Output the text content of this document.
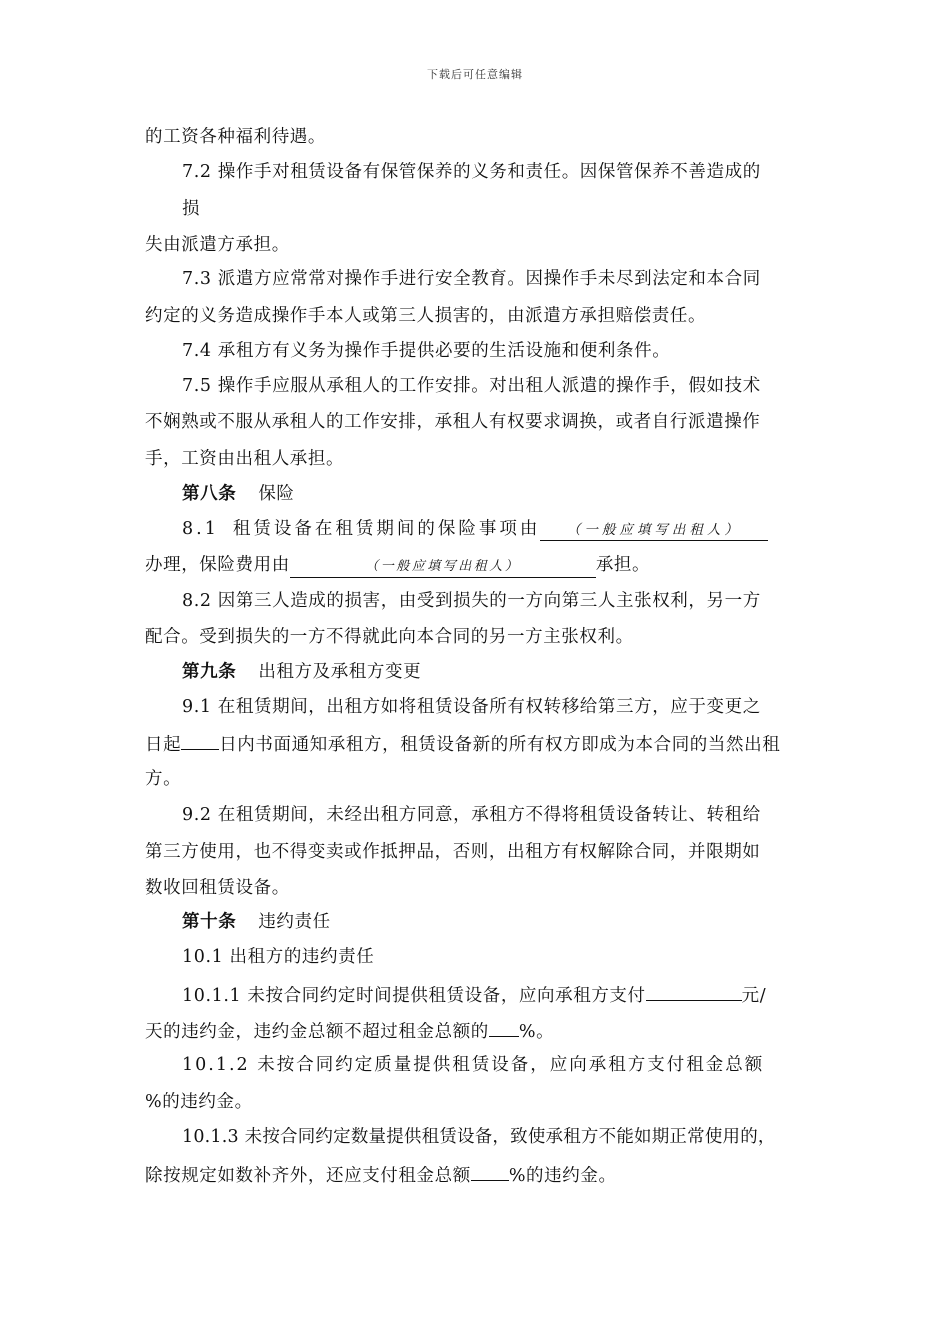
下载后可任意编辑
的工资各种福利待遇。
7.2 操作手对租赁设备有保管保养的义务和责任。因保管保养不善造成的
损
失由派遣方承担。
7.3 派遣方应常常对操作手进行安全教育。因操作手未尽到法定和本合同
约定的义务造成操作手本人或第三人损害的，由派遣方承担赔偿责任。
7.4 承租方有义务为操作手提供必要的生活设施和便利条件。
7.5 操作手应服从承租人的工作安排。对出租人派遣的操作手，假如技术
不娴熟或不服从承租人的工作安排，承租人有权要求调换，或者自行派遣操作
手，工资由出租人承担。
第八条 保险
8.1 租赁设备在租赁期间的保险事项由 （一般应填写出租人）
办理，保险费用由	（一般应填写出租人）	承担。
8.2 因第三人造成的损害，由受到损失的一方向第三人主张权利，另一方
配合。受到损失的一方不得就此向本合同的另一方主张权利。
第九条 出租方及承租方变更
9.1 在租赁期间，出租方如将租赁设备所有权转移给第三方，应于变更之
日起 日内书面通知承租方，租赁设备新的所有权方即成为本合同的当然出租
方。
9.2 在租赁期间，未经出租方同意，承租方不得将租赁设备转让、转租给
第三方使用，也不得变卖或作抵押品，否则，出租方有权解除合同，并限期如
数收回租赁设备。
第十条 违约责任
10.1 出租方的违约责任
10.1.1 未按合同约定时间提供租赁设备，应向承租方支付	元/
天的违约金，违约金总额不超过租金总额的 %。
10.1.2 未按合同约定质量提供租赁设备，应向承租方支付租金总额
%的违约金。
10.1.3 未按合同约定数量提供租赁设备，致使承租方不能如期正常使用的，
除按规定如数补齐外，还应支付租金总额 %的违约金。
